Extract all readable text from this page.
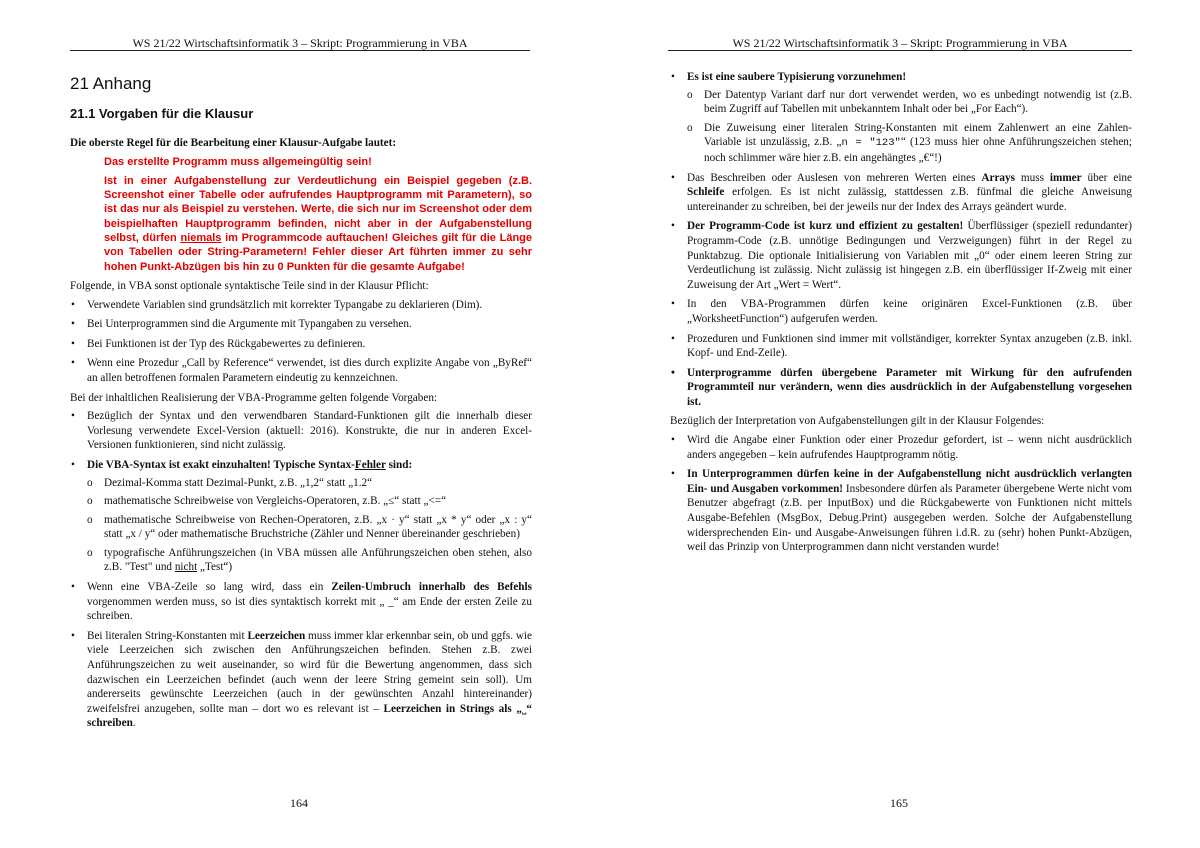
WS 21/22 Wirtschaftsinformatik 3 – Skript: Programmierung in VBA
21 Anhang
21.1 Vorgaben für die Klausur

Die oberste Regel für die Bearbeitung einer Klausur-Aufgabe lautet:

Das erstellte Programm muss allgemeingültig sein!

Ist in einer Aufgabenstellung zur Verdeutlichung ein Beispiel gegeben (z.B. Screenshot einer Tabelle oder aufrufendes Hauptprogramm mit Parametern), so ist das nur als Beispiel zu verstehen. Werte, die sich nur im Screenshot oder dem beispielhaften Hauptprogramm befinden, nicht aber in der Aufgabenstellung selbst, dürfen niemals im Programmcode auftauchen! Gleiches gilt für die Länge von Tabellen oder String-Parametern! Fehler dieser Art führten immer zu sehr hohen Punkt-Abzügen bis hin zu 0 Punkten für die gesamte Aufgabe!

Folgende, in VBA sonst optionale syntaktische Teile sind in der Klausur Pflicht:

• Verwendete Variablen sind grundsätzlich mit korrekter Typangabe zu deklarieren (Dim).
• Bei Unterprogrammen sind die Argumente mit Typangaben zu versehen.
• Bei Funktionen ist der Typ des Rückgabewertes zu definieren.
• Wenn eine Prozedur „Call by Reference“ verwendet, ist dies durch explizite Angabe von „ByRef“ an allen betroffenen formalen Parametern eindeutig zu kennzeichnen.

Bei der inhaltlichen Realisierung der VBA-Programme gelten folgende Vorgaben:

• Bezüglich der Syntax und den verwendbaren Standard-Funktionen gilt die innerhalb dieser Vorlesung verwendete Excel-Version (aktuell: 2016). Konstrukte, die nur in anderen Excel-Versionen funktionieren, sind nicht zulässig.
• Die VBA-Syntax ist exakt einzuhalten! Typische Syntax-Fehler sind:
o Dezimal-Komma statt Dezimal-Punkt, z.B. „1,2“ statt „1.2“
o mathematische Schreibweise von Vergleichs-Operatoren, z.B. „≤“ statt „<=“
o mathematische Schreibweise von Rechen-Operatoren, z.B. „x · y“ statt „x * y“ oder „x : y“ statt „x / y“ oder mathematische Bruchstriche (Zähler und Nenner übereinander geschrieben)
o typografische Anführungszeichen (in VBA müssen alle Anführungszeichen oben stehen, also z.B. "Test" und nicht „Test“)
• Wenn eine VBA-Zeile so lang wird, dass ein Zeilen-Umbruch innerhalb des Befehls vorgenommen werden muss, so ist dies syntaktisch korrekt mit „ _“ am Ende der ersten Zeile zu schreiben.
• Bei literalen String-Konstanten mit Leerzeichen muss immer klar erkennbar sein, ob und ggfs. wie viele Leerzeichen sich zwischen den Anführungszeichen befinden. Stehen z.B. zwei Anführungszeichen zu weit auseinander, so wird für die Bewertung angenommen, dass sich dazwischen ein Leerzeichen befindet (auch wenn der leere String gemeint sein soll). Um andererseits gewünschte Leerzeichen (auch in der gewünschten Anzahl hintereinander) zweifelsfrei anzugeben, sollte man – dort wo es relevant ist – Leerzeichen in Strings als „˽“ schreiben.
164
WS 21/22 Wirtschaftsinformatik 3 – Skript: Programmierung in VBA
• Es ist eine saubere Typisierung vorzunehmen!
o Der Datentyp Variant darf nur dort verwendet werden, wo es unbedingt notwendig ist (z.B. beim Zugriff auf Tabellen mit unbekanntem Inhalt oder bei „For Each“).
o Die Zuweisung einer literalen String-Konstanten mit einem Zahlenwert an eine Zahlen-Variable ist unzulässig, z.B. „n = "123"“ (123 muss hier ohne Anführungszeichen stehen; noch schlimmer wäre hier z.B. ein angehängtes „€“!)
• Das Beschreiben oder Auslesen von mehreren Werten eines Arrays muss immer über eine Schleife erfolgen. Es ist nicht zulässig, stattdessen z.B. fünfmal die gleiche Anweisung untereinander zu schreiben, bei der jeweils nur der Index des Arrays geändert wurde.
• Der Programm-Code ist kurz und effizient zu gestalten! Überflüssiger (speziell redundanter) Programm-Code (z.B. unnötige Bedingungen und Verzweigungen) führt in der Regel zu Punktabzug. Die optionale Initialisierung von Variablen mit „0“ oder einem leeren String zur Verdeutlichung ist zulässig. Nicht zulässig ist hingegen z.B. ein überflüssiger If-Zweig mit einer Zuweisung der Art „Wert = Wert“.
• In den VBA-Programmen dürfen keine originären Excel-Funktionen (z.B. über „WorksheetFunction“) aufgerufen werden.
• Prozeduren und Funktionen sind immer mit vollständiger, korrekter Syntax anzugeben (z.B. inkl. Kopf- und End-Zeile).
• Unterprogramme dürfen übergebene Parameter mit Wirkung für den aufrufenden Programmteil nur verändern, wenn dies ausdrücklich in der Aufgabenstellung vorgesehen ist.

Bezüglich der Interpretation von Aufgabenstellungen gilt in der Klausur Folgendes:

• Wird die Angabe einer Funktion oder einer Prozedur gefordert, ist – wenn nicht ausdrücklich anders angegeben – kein aufrufendes Hauptprogramm nötig.
• In Unterprogrammen dürfen keine in der Aufgabenstellung nicht ausdrücklich verlangten Ein- und Ausgaben vorkommen! Insbesondere dürfen als Parameter übergebene Werte nicht vom Benutzer abgefragt (z.B. per InputBox) und die Rückgabewerte von Funktionen nicht mittels Ausgabe-Befehlen (MsgBox, Debug.Print) ausgegeben werden. Solche der Aufgabenstellung widersprechenden Ein- und Ausgabe-Anweisungen führen i.d.R. zu (sehr) hohen Punkt-Abzügen, weil das Prinzip von Unterprogrammen dann nicht verstanden wurde!
165
